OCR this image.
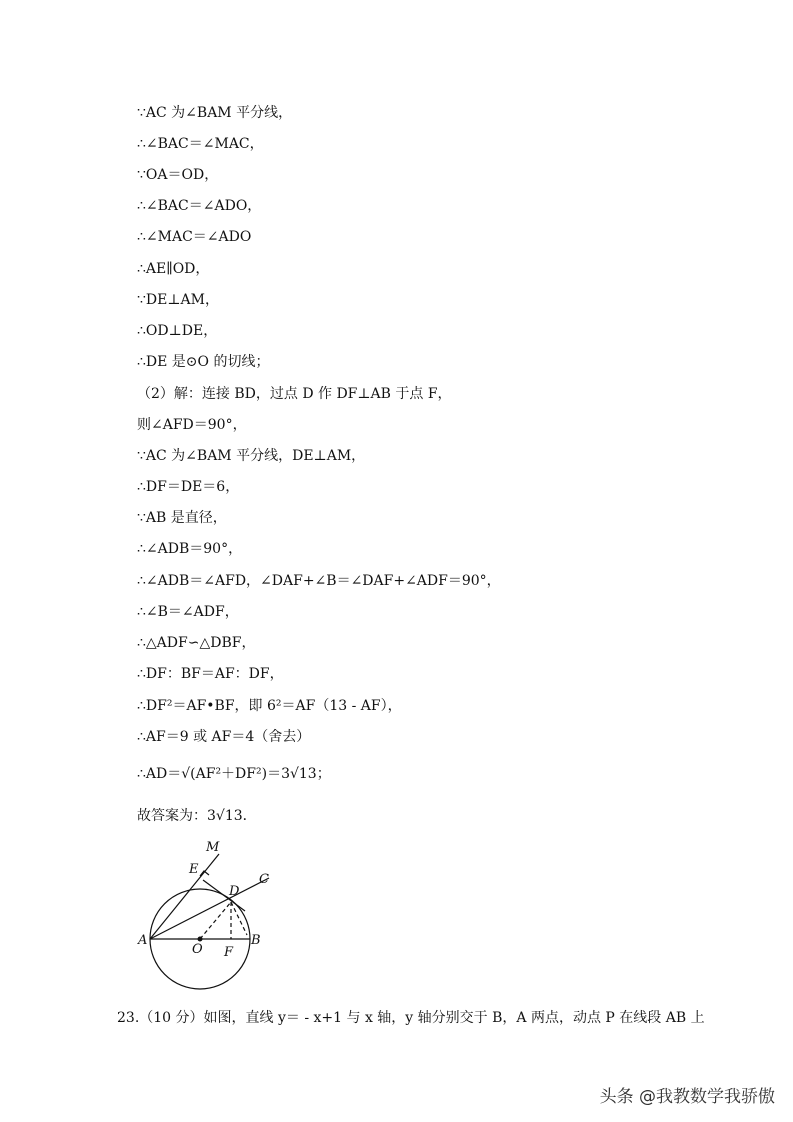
∵AC 为∠BAM 平分线，
∴∠BAC＝∠MAC，
∵OA＝OD，
∴∠BAC＝∠ADO，
∴∠MAC＝∠ADO
∴AE∥OD，
∵DE⊥AM，
∴OD⊥DE，
∴DE 是⊙O 的切线；
（2）解：连接 BD，过点 D 作 DF⊥AB 于点 F，
则∠AFD＝90°，
∵AC 为∠BAM 平分线，DE⊥AM，
∴DF＝DE＝6，
∵AB 是直径，
∴∠ADB＝90°，
∴∠ADB＝∠AFD，∠DAF+∠B＝∠DAF+∠ADF＝90°，
∴∠B＝∠ADF，
∴△ADF∽△DBF，
∴DF：BF＝AF：DF，
∴DF²＝AF•BF，即 6²＝AF（13 - AF），
∴AF＝9 或 AF＝4（舍去）
∴AD＝√(AF²＋DF²)＝3√13；
故答案为：3√13．
A	B
C
D
E
F
M
O
23.（10 分）如图，直线 y＝ - x+1 与 x 轴，y 轴分别交于 B，A 两点，动点 P 在线段 AB 上
头条 @我教数学我骄傲
